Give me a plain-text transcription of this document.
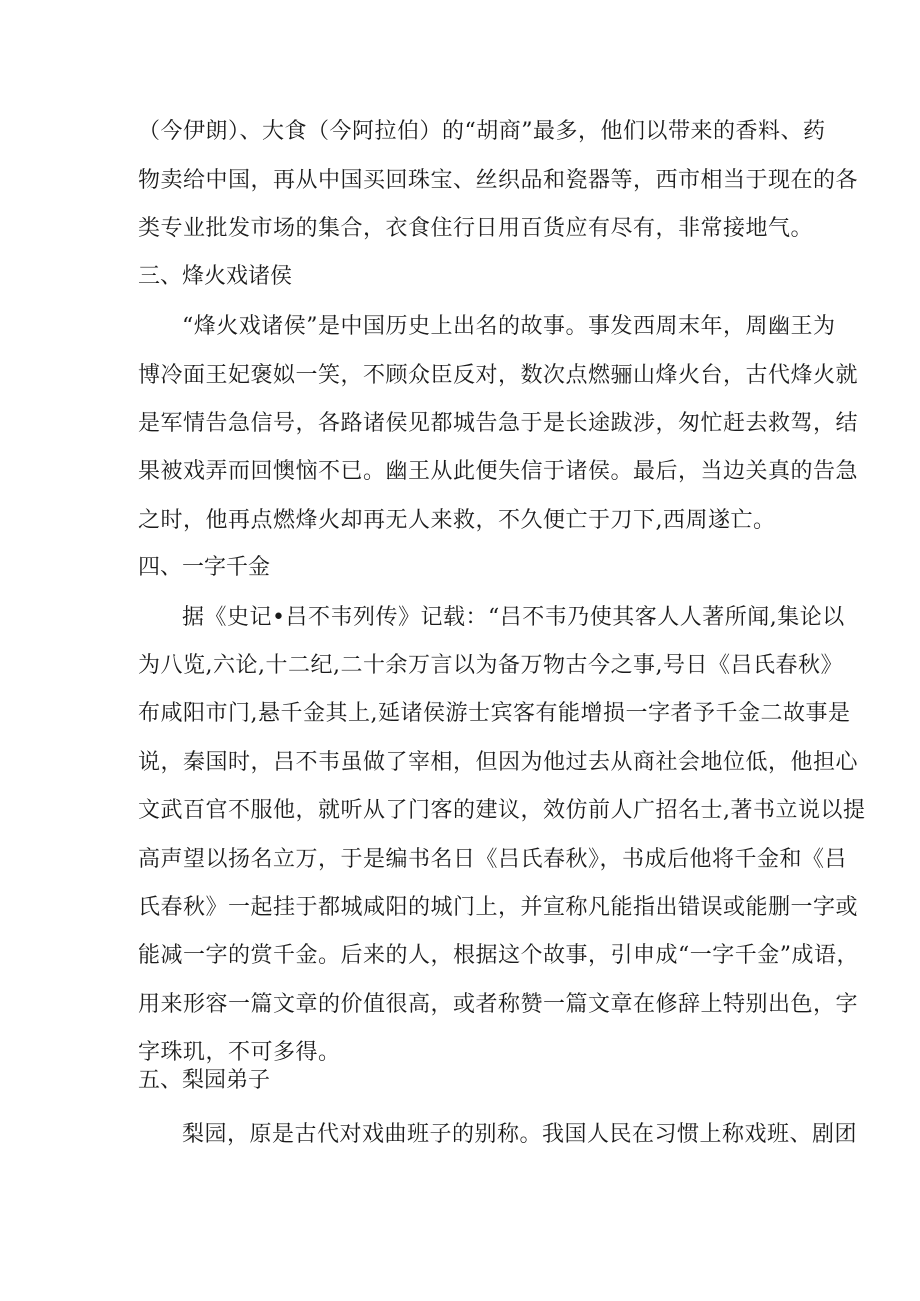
（今伊朗）、大食（今阿拉伯）的“胡商”最多，他们以带来的香料、药
物卖给中国，再从中国买回珠宝、丝织品和瓷器等，西市相当于现在的各
类专业批发市场的集合，衣食住行日用百货应有尽有，非常接地气。
三、烽火戏诸侯
“烽火戏诸侯”是中国历史上出名的故事。事发西周末年，周幽王为
博冷面王妃褒姒一笑，不顾众臣反对，数次点燃骊山烽火台，古代烽火就
是军情告急信号，各路诸侯见都城告急于是长途跋涉，匆忙赶去救驾，结
果被戏弄而回懊恼不已。幽王从此便失信于诸侯。最后，当边关真的告急
之时，他再点燃烽火却再无人来救，不久便亡于刀下,西周遂亡。
四、一字千金
据《史记•吕不韦列传》记载：“吕不韦乃使其客人人著所闻,集论以
为八览,六论,十二纪,二十余万言以为备万物古今之事,号日《吕氏春秋》
布咸阳市门,悬千金其上,延诸侯游士宾客有能增损一字者予千金二故事是
说，秦国时，吕不韦虽做了宰相，但因为他过去从商社会地位低，他担心
文武百官不服他，就听从了门客的建议，效仿前人广招名士,著书立说以提
高声望以扬名立万，于是编书名日《吕氏春秋》，书成后他将千金和《吕
氏春秋》一起挂于都城咸阳的城门上，并宣称凡能指出错误或能删一字或
能减一字的赏千金。后来的人，根据这个故事，引申成“一字千金”成语，
用来形容一篇文章的价值很高，或者称赞一篇文章在修辞上特别出色，字
字珠玑，不可多得。
五、梨园弟子
梨园，原是古代对戏曲班子的别称。我国人民在习惯上称戏班、剧团
